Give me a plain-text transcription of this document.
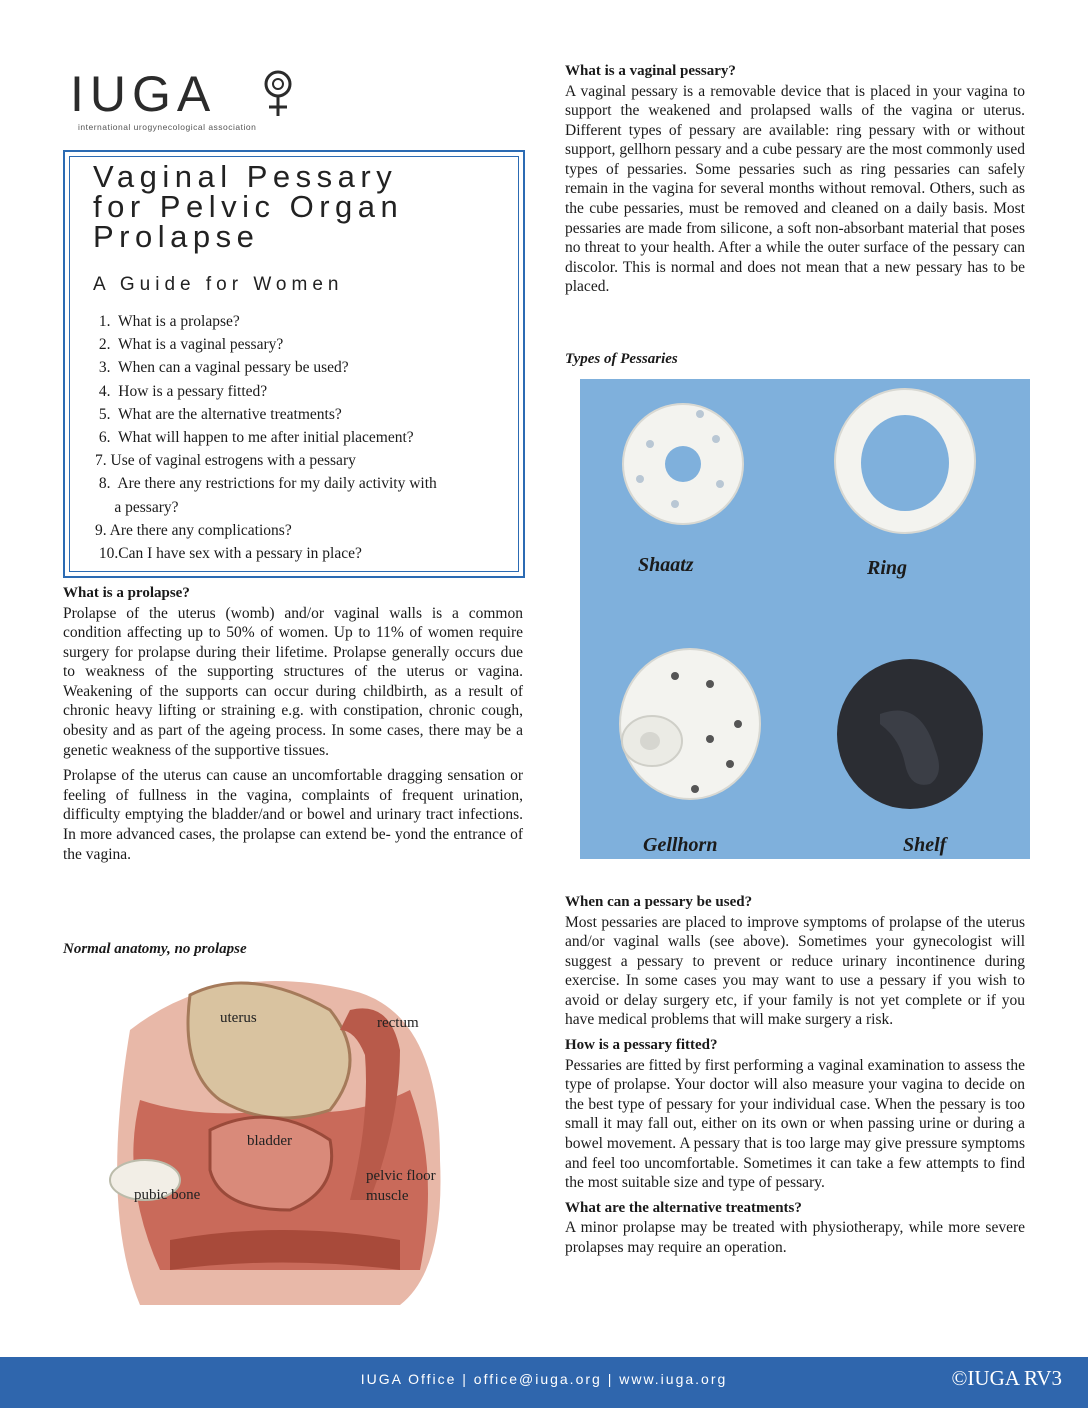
IUGA
international urogynecological association
Vaginal Pessary
for Pelvic Organ
Prolapse
A Guide for Women
1.  What is a prolapse?
2.  What is a vaginal pessary?
3.  When can a vaginal pessary be used?
4.  How is a pessary fitted?
5.  What are the alternative treatments?
6.  What will happen to me after initial placement?
7. Use of vaginal estrogens with a pessary
8.  Are there any restrictions for my daily activity with
a pessary?
9. Are there any complications?
10.Can I have sex with a pessary in place?
What is a prolapse?

Prolapse of the uterus (womb) and/or vaginal walls is a common condition affecting up to 50% of women. Up to 11% of women require surgery for prolapse during their lifetime. Prolapse generally occurs due to weakness of the supporting structures of the uterus or vagina. Weakening of the supports can occur during childbirth, as a result of chronic heavy lifting or straining e.g. with constipation, chronic cough, obesity and as part of the ageing process. In some cases, there may be a genetic weakness of the supportive tissues.

Prolapse of the uterus can cause an uncomfortable dragging sensation or feeling of fullness in the vagina, complaints of frequent urination, difficulty emptying the bladder/and or bowel and urinary tract infections. In more advanced cases, the prolapse can extend be- yond the entrance of the vagina.

Normal anatomy, no prolapse
uterus	rectum
bladder
pelvic floor
muscle
pubic bone
What is a vaginal pessary?

A vaginal pessary is a removable device that is placed in your vagina to support the weakened and prolapsed walls of the vagina or uterus. Different types of pessary are available: ring pessary with or without support, gellhorn pessary and a cube pessary are the most commonly used types of pessaries. Some pessaries such as ring pessaries can safely remain in the vagina for several months without removal. Others, such as the cube pessaries, must be removed and cleaned on a daily basis. Most pessaries are made from silicone, a soft non-absorbant material that poses no threat to your health. After a while the outer surface of the pessary can discolor. This is normal and does not mean that a new pessary has to be placed.

Types of Pessaries
Shaatz	Ring
Gellhorn	Shelf
When can a pessary be used?

Most pessaries are placed to improve symptoms of prolapse of the uterus and/or vaginal walls (see above). Sometimes your gynecologist will suggest a pessary to prevent or reduce urinary incontinence during exercise. In some cases you may want to use a pessary if you wish to avoid or delay surgery etc, if your family is not yet complete or if you have medical problems that will make surgery a risk.

How is a pessary fitted?

Pessaries are fitted by first performing a vaginal examination to assess the type of prolapse. Your doctor will also measure your vagina to decide on the best type of pessary for your individual case. When the pessary is too small it may fall out, either on its own or when passing urine or during a bowel movement. A pessary that is too large may give pressure symptoms and feel too uncomfortable. Sometimes it can take a few attempts to find the most suitable size and type of pessary.

What are the alternative treatments?

A minor prolapse may be treated with physiotherapy, while more severe prolapses may require an operation.

IUGA Office | office@iuga.org | www.iuga.org	©IUGA RV3
